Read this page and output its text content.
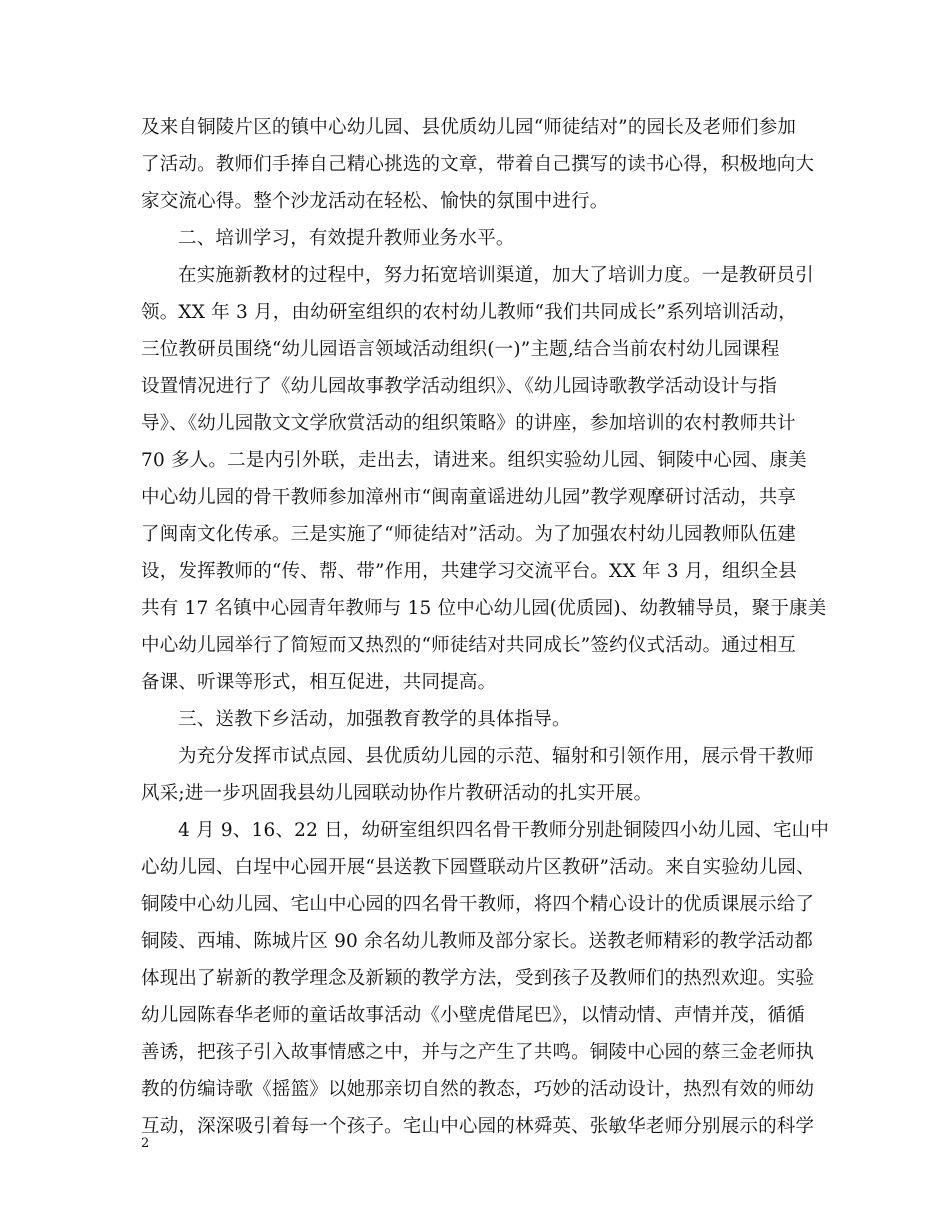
及来自铜陵片区的镇中心幼儿园、县优质幼儿园“师徒结对”的园长及老师们参加
了活动。教师们手捧自己精心挑选的文章，带着自己撰写的读书心得，积极地向大
家交流心得。整个沙龙活动在轻松、愉快的氛围中进行。
二、培训学习，有效提升教师业务水平。
在实施新教材的过程中，努力拓宽培训渠道，加大了培训力度。一是教研员引
领。XX 年 3 月，由幼研室组织的农村幼儿教师“我们共同成长”系列培训活动，
三位教研员围绕“幼儿园语言领域活动组织(一)”主题,结合当前农村幼儿园课程
设置情况进行了《幼儿园故事教学活动组织》、《幼儿园诗歌教学活动设计与指
导》、《幼儿园散文文学欣赏活动的组织策略》的讲座，参加培训的农村教师共计
70 多人。二是内引外联，走出去，请进来。组织实验幼儿园、铜陵中心园、康美
中心幼儿园的骨干教师参加漳州市“闽南童谣进幼儿园”教学观摩研讨活动，共享
了闽南文化传承。三是实施了“师徒结对”活动。为了加强农村幼儿园教师队伍建
设，发挥教师的“传、帮、带”作用，共建学习交流平台。XX 年 3 月，组织全县
共有 17 名镇中心园青年教师与 15 位中心幼儿园(优质园)、幼教辅导员，聚于康美
中心幼儿园举行了简短而又热烈的“师徒结对共同成长”签约仪式活动。通过相互
备课、听课等形式，相互促进，共同提高。
三、送教下乡活动，加强教育教学的具体指导。
为充分发挥市试点园、县优质幼儿园的示范、辐射和引领作用，展示骨干教师
风采;进一步巩固我县幼儿园联动协作片教研活动的扎实开展。
4 月 9、16、22 日，幼研室组织四名骨干教师分别赴铜陵四小幼儿园、宅山中
心幼儿园、白埕中心园开展“县送教下园暨联动片区教研”活动。来自实验幼儿园、
铜陵中心幼儿园、宅山中心园的四名骨干教师，将四个精心设计的优质课展示给了
铜陵、西埔、陈城片区 90 余名幼儿教师及部分家长。送教老师精彩的教学活动都
体现出了崭新的教学理念及新颖的教学方法，受到孩子及教师们的热烈欢迎。实验
幼儿园陈春华老师的童话故事活动《小壁虎借尾巴》，以情动情、声情并茂，循循
善诱，把孩子引入故事情感之中，并与之产生了共鸣。铜陵中心园的蔡三金老师执
教的仿编诗歌《摇篮》以她那亲切自然的教态，巧妙的活动设计，热烈有效的师幼
互动，深深吸引着每一个孩子。宅山中心园的林舜英、张敏华老师分别展示的科学
2
